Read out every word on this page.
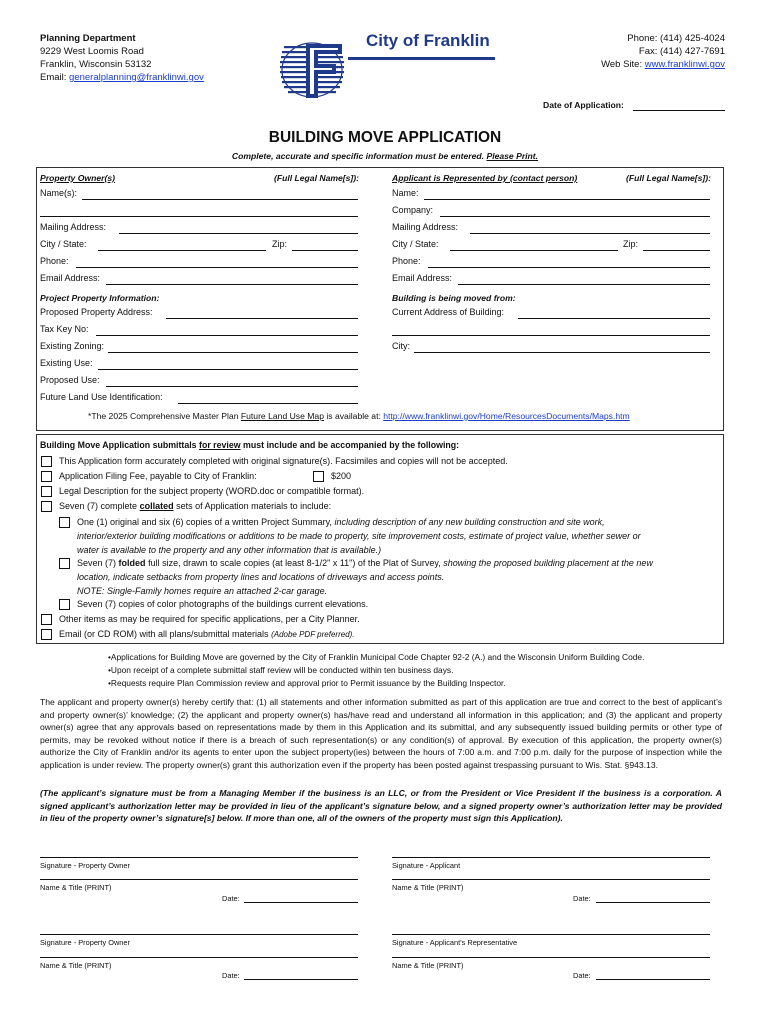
Planning Department
9229 West Loomis Road
Franklin, Wisconsin 53132
Email: generalplanning@franklinwi.gov
City of Franklin	Phone: (414) 425-4024
Fax: (414) 427-7691
Web Site: www.franklinwi.gov
Date of Application:
BUILDING MOVE APPLICATION
Complete, accurate and specific information must be entered. Please Print.
Property Owner(s)	(Full Legal Name[s]):
Name(s):
Mailing Address:
City / State:	Zip:
Phone:
Email Address:
Applicant is Represented by (contact person)	(Full Legal Name[s]):
Name:
Company:
Mailing Address:
City / State:	Zip:
Phone:
Email Address:
Project Property Information:
Proposed Property Address:
Tax Key No:
Existing Zoning:
Existing Use:
Proposed Use:
Future Land Use Identification:
Building is being moved from:
Current Address of Building:
City:
*The 2025 Comprehensive Master Plan Future Land Use Map is available at: http://www.franklinwi.gov/Home/ResourcesDocuments/Maps.htm
Building Move Application submittals for review must include and be accompanied by the following:
This Application form accurately completed with original signature(s). Facsimiles and copies will not be accepted.
Application Filing Fee, payable to City of Franklin:	$200
Legal Description for the subject property (WORD.doc or compatible format).
Seven (7) complete collated sets of Application materials to include:
One (1) original and six (6) copies of a written Project Summary, including description of any new building construction and site work,
interior/exterior building modifications or additions to be made to property, site improvement costs, estimate of project value, whether sewer or
water is available to the property and any other information that is available.)
Seven (7) folded full size, drawn to scale copies (at least 8-1/2" x 11") of the Plat of Survey, showing the proposed building placement at the new
location, indicate setbacks from property lines and locations of driveways and access points.
NOTE: Single-Family homes require an attached 2-car garage.
Seven (7) copies of color photographs of the buildings current elevations.
Other items as may be required for specific applications, per a City Planner.
Email (or CD ROM) with all plans/submittal materials (Adobe PDF preferred).
•Applications for Building Move are governed by the City of Franklin Municipal Code Chapter 92-2 (A.) and the Wisconsin Uniform Building Code.
•Upon receipt of a complete submittal staff review will be conducted within ten business days.
•Requests require Plan Commission review and approval prior to Permit issuance by the Building Inspector.
The applicant and property owner(s) hereby certify that: (1) all statements and other information submitted as part of this application are true and correct to the best of applicant’s and property owner(s)’ knowledge; (2) the applicant and property owner(s) has/have read and understand all information in this application; and (3) the applicant and property owner(s) agree that any approvals based on representations made by them in this Application and its submittal, and any subsequently issued building permits or other type of permits, may be revoked without notice if there is a breach of such representation(s) or any condition(s) of approval. By execution of this application, the property owner(s) authorize the City of Franklin and/or its agents to enter upon the subject property(ies) between the hours of 7:00 a.m. and 7:00 p.m. daily for the purpose of inspection while the application is under review. The property owner(s) grant this authorization even if the property has been posted against trespassing pursuant to Wis. Stat. §943.13.
(The applicant’s signature must be from a Managing Member if the business is an LLC, or from the President or Vice President if the business is a corporation. A signed applicant’s authorization letter may be provided in lieu of the applicant’s signature below, and a signed property owner’s authorization letter may be provided in lieu of the property owner’s signature[s] below. If more than one, all of the owners of the property must sign this Application).
Signature - Property Owner	Signature - Applicant
Name & Title (PRINT)	Name & Title (PRINT)
Date:	Date:
Signature - Property Owner	Signature - Applicant's Representative
Name & Title (PRINT)	Name & Title (PRINT)
Date:	Date:
